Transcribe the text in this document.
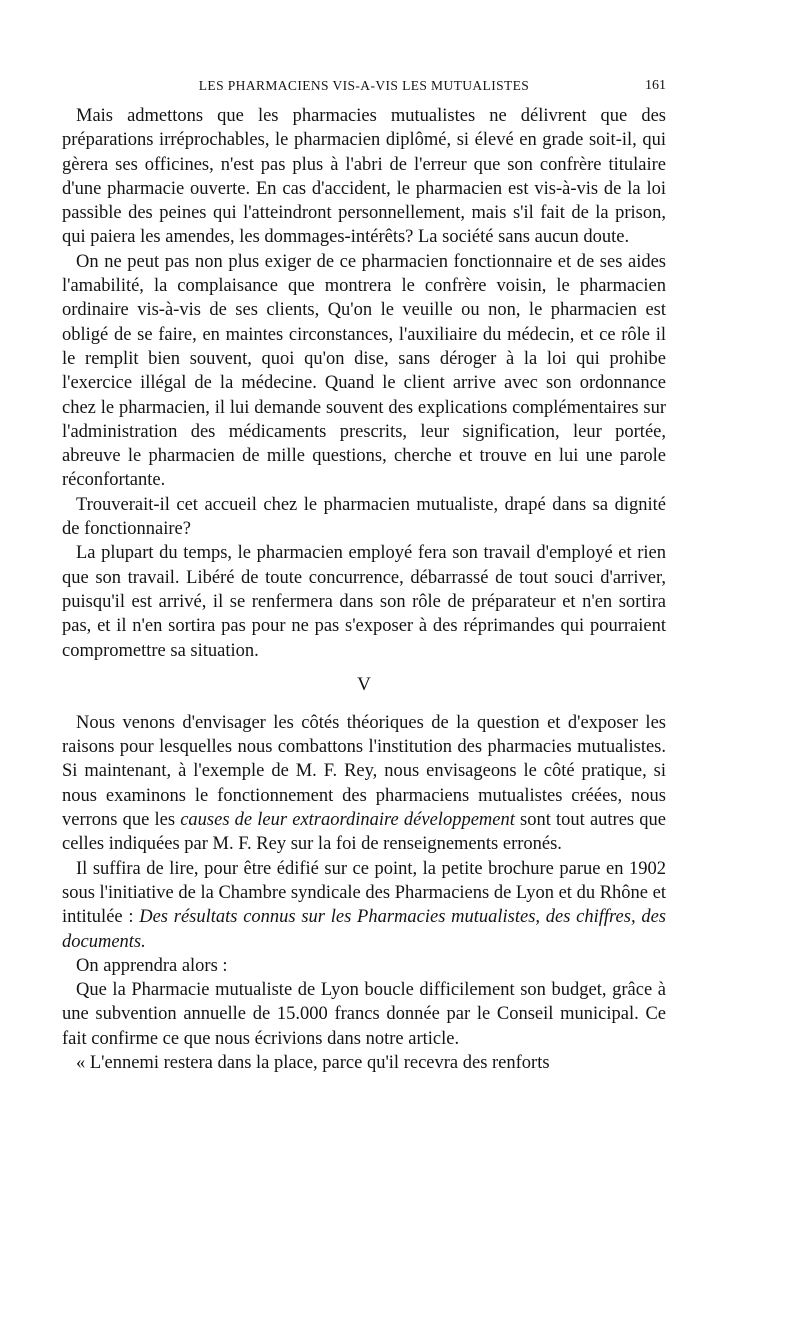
LES PHARMACIENS VIS-A-VIS LES MUTUALISTES	161

Mais admettons que les pharmacies mutualistes ne délivrent que des préparations irréprochables, le pharmacien diplômé, si élevé en grade soit-il, qui gèrera ses officines, n'est pas plus à l'abri de l'erreur que son confrère titulaire d'une pharmacie ouverte. En cas d'accident, le pharmacien est vis-à-vis de la loi passible des peines qui l'atteindront personnellement, mais s'il fait de la prison, qui paiera les amendes, les dommages-intérêts? La société sans aucun doute.

On ne peut pas non plus exiger de ce pharmacien fonctionnaire et de ses aides l'amabilité, la complaisance que montrera le confrère voisin, le pharmacien ordinaire vis-à-vis de ses clients, Qu'on le veuille ou non, le pharmacien est obligé de se faire, en maintes circonstances, l'auxiliaire du médecin, et ce rôle il le remplit bien souvent, quoi qu'on dise, sans déroger à la loi qui prohibe l'exercice illégal de la médecine. Quand le client arrive avec son ordonnance chez le pharmacien, il lui demande souvent des explications complémentaires sur l'administration des médicaments prescrits, leur signification, leur portée, abreuve le pharmacien de mille questions, cherche et trouve en lui une parole réconfortante.

Trouverait-il cet accueil chez le pharmacien mutualiste, drapé dans sa dignité de fonctionnaire?

La plupart du temps, le pharmacien employé fera son travail d'employé et rien que son travail. Libéré de toute concurrence, débarrassé de tout souci d'arriver, puisqu'il est arrivé, il se renfermera dans son rôle de préparateur et n'en sortira pas, et il n'en sortira pas pour ne pas s'exposer à des réprimandes qui pourraient compromettre sa situation.

V

Nous venons d'envisager les côtés théoriques de la question et d'exposer les raisons pour lesquelles nous combattons l'institution des pharmacies mutualistes. Si maintenant, à l'exemple de M. F. Rey, nous envisageons le côté pratique, si nous examinons le fonctionnement des pharmaciens mutualistes créées, nous verrons que les causes de leur extraordinaire développement sont tout autres que celles indiquées par M. F. Rey sur la foi de renseignements erronés.

Il suffira de lire, pour être édifié sur ce point, la petite brochure parue en 1902 sous l'initiative de la Chambre syndicale des Pharmaciens de Lyon et du Rhône et intitulée : Des résultats connus sur les Pharmacies mutualistes, des chiffres, des documents.

On apprendra alors :

Que la Pharmacie mutualiste de Lyon boucle difficilement son budget, grâce à une subvention annuelle de 15.000 francs donnée par le Conseil municipal. Ce fait confirme ce que nous écrivions dans notre article.

« L'ennemi restera dans la place, parce qu'il recevra des renforts
